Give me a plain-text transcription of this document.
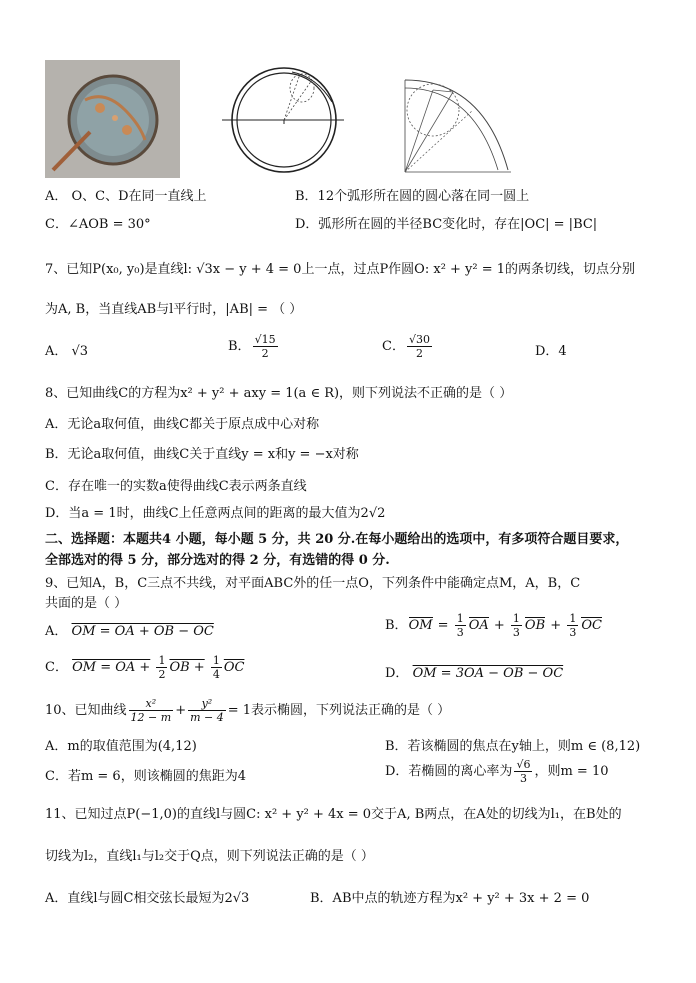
A． O、C、D在同一直线上	B．12个弧形所在圆的圆心落在同一圆上
C．∠AOB = 30°	D．弧形所在圆的半径BC变化时，存在|OC| = |BC|
7、已知P(x₀, y₀)是直线l: √3x − y + 4 = 0上一点，过点P作圆O: x² + y² = 1的两条切线，切点分别
为A, B，当直线AB与l平行时，|AB| = （ ）
A． √3	B． $\frac{√15}{2}$	C． $\frac{√30}{2}$	D．4
8、已知曲线C的方程为x² + y² + axy = 1(a ∈ R)，则下列说法不正确的是（ ）
A．无论a取何值，曲线C都关于原点成中心对称
B．无论a取何值，曲线C关于直线y = x和y = −x对称
C．存在唯一的实数a使得曲线C表示两条直线
D．当a = 1时，曲线C上任意两点间的距离的最大值为2√2
二、选择题：本题共4 小题，每小题 5 分，共 20 分.在每小题给出的选项中，有多项符合题目要求，
全部选对的得 5 分，部分选对的得 2 分，有选错的得 0 分.
9、已知A，B，C三点不共线，对平面ABC外的任一点O，下列条件中能确定点M，A，B，C
共面的是（ ）
A． OM = OA + OB − OC	B．OM = $\frac{1}{3}$ OA + $\frac{1}{3}$ OB + $\frac{1}{3}$ OC
C． OM = OA + $\frac{1}{2}$ OB + $\frac{1}{4} \overline{OC}$	D． OM = 3OA − OB − OC
10、已知曲线 $\frac{\text{x²}}{12 - m} + \frac{\text{y²}}{m - 4} = 1$表示椭圆，下列说法正确的是（ ）
A．m的取值范围为(4,12)	B．若该椭圆的焦点在y轴上，则m ∈ (8,12)
C．若m = 6，则该椭圆的焦距为4	D．若椭圆的离心率为 $\frac{√6}{3}$ ，则m = 10
11、已知过点P(−1,0)的直线l与圆C: x² + y² + 4x = 0交于A, B两点，在A处的切线为l₁，在B处的
切线为l₂，直线l₁与l₂交于Q点，则下列说法正确的是（ ）
A．直线l与圆C相交弦长最短为2√3	B．AB中点的轨迹方程为x² + y² + 3x + 2 = 0
